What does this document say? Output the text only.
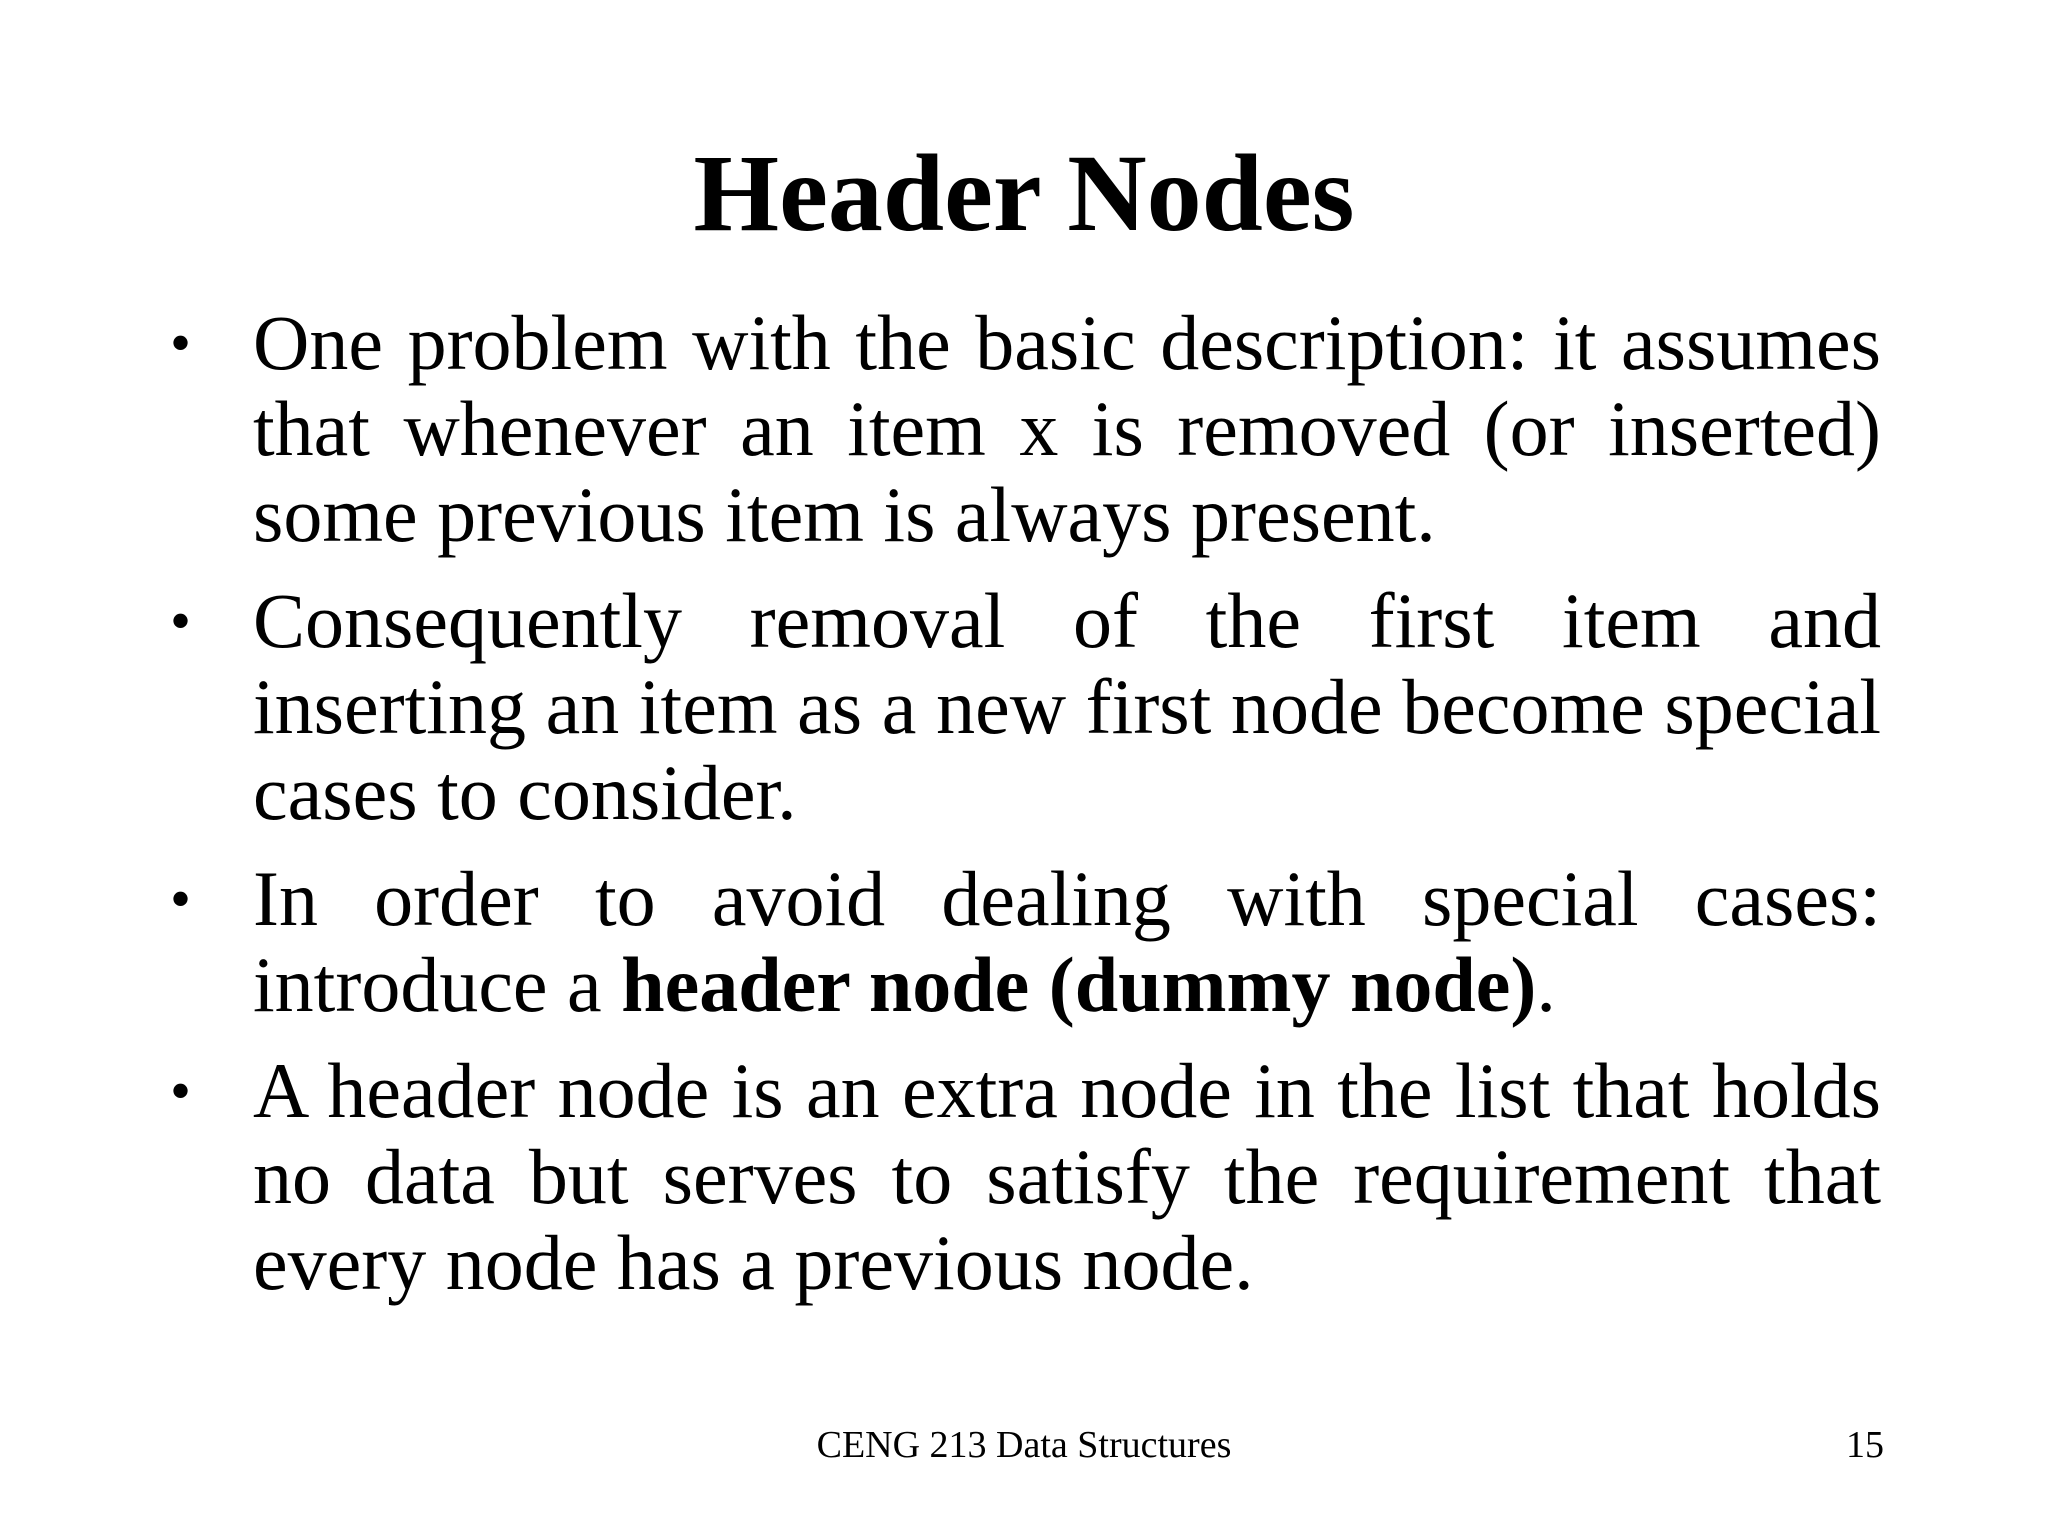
Header Nodes
• One problem with the basic description: it assumes that whenever an item x is removed (or inserted) some previous item is always present.
• Consequently removal of the first item and inserting an item as a new first node become special cases to consider.
• In order to avoid dealing with special cases: introduce a header node (dummy node).
• A header node is an extra node in the list that holds no data but serves to satisfy the requirement that every node has a previous node.
CENG 213 Data Structures	15
